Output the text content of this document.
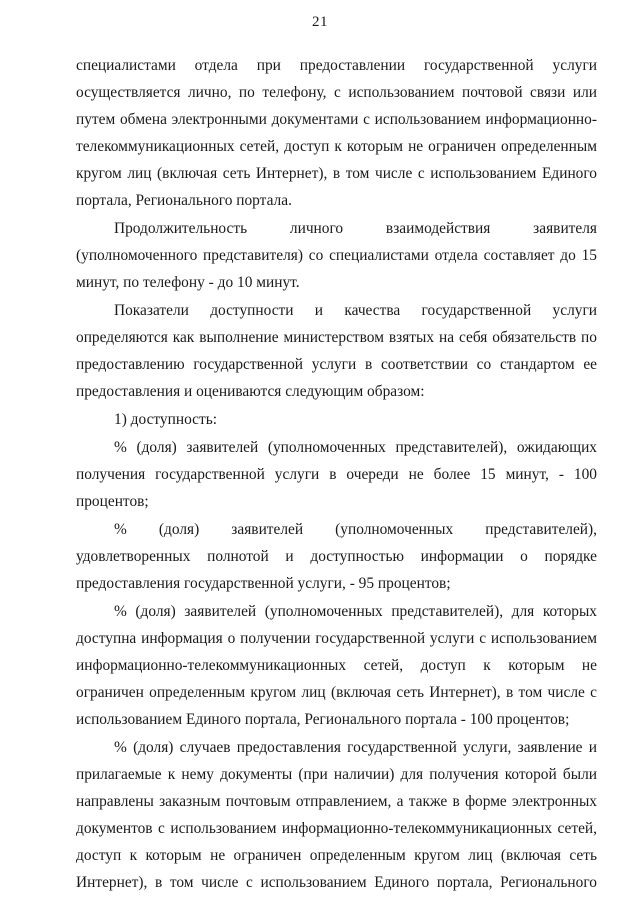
21

специалистами отдела при предоставлении государственной услуги осуществляется лично, по телефону, с использованием почтовой связи или путем обмена электронными документами с использованием информационно-телекоммуникационных сетей, доступ к которым не ограничен определенным кругом лиц (включая сеть Интернет), в том числе с использованием Единого портала, Регионального портала.

Продолжительность личного взаимодействия заявителя (уполномоченного представителя) со специалистами отдела составляет до 15 минут, по телефону - до 10 минут.

Показатели доступности и качества государственной услуги определяются как выполнение министерством взятых на себя обязательств по предоставлению государственной услуги в соответствии со стандартом ее предоставления и оцениваются следующим образом:

1) доступность:

% (доля) заявителей (уполномоченных представителей), ожидающих получения государственной услуги в очереди не более 15 минут, - 100 процентов;

% (доля) заявителей (уполномоченных представителей), удовлетворенных полнотой и доступностью информации о порядке предоставления государственной услуги, - 95 процентов;

% (доля) заявителей (уполномоченных представителей), для которых доступна информация о получении государственной услуги с использованием информационно-телекоммуникационных сетей, доступ к которым не ограничен определенным кругом лиц (включая сеть Интернет), в том числе с использованием Единого портала, Регионального портала - 100 процентов;

% (доля) случаев предоставления государственной услуги, заявление и прилагаемые к нему документы (при наличии) для получения которой были направлены заказным почтовым отправлением, а также в форме электронных документов с использованием информационно-телекоммуникационных сетей, доступ к которым не ограничен определенным кругом лиц (включая сеть Интернет), в том числе с использованием Единого портала, Регионального
